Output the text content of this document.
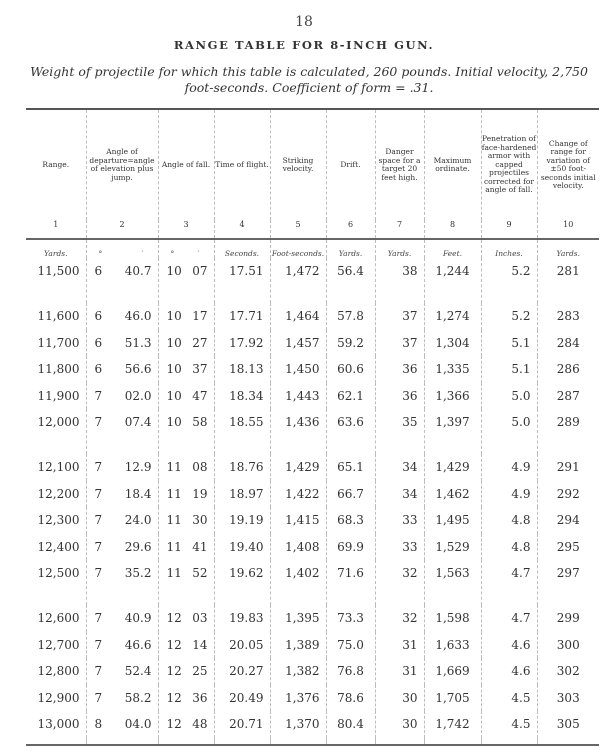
18
RANGE TABLE FOR 8-INCH GUN.
Weight of projectile for which this table is calculated, 260 pounds. Initial velocity, 2,750 foot-seconds. Coefficient of form = .31.
Range.	Angle of departure=angle of elevation plus jump.	Angle of fall.	Time of flight.	Striking velocity.	Drift.	Danger space for a target 20 feet high.	Maximum ordinate.	Penetration of face-hardened armor with capped projectiles corrected for angle of fall.	Change of range for variation of ±50 foot-seconds initial velocity.
1	2	3	4	5	6	7	8	9	10
Yards.	° ′	° ′	Seconds.	Foot-seconds.	Yards.	Yards.	Feet.	Inches.	Yards.
11,500	6 40.7	10 07	17.51	1,472	56.4	38	1,244	5.2	281
11,600	6 46.0	10 17	17.71	1,464	57.8	37	1,274	5.2	283
11,700	6 51.3	10 27	17.92	1,457	59.2	37	1,304	5.1	284
11,800	6 56.6	10 37	18.13	1,450	60.6	36	1,335	5.1	286
11,900	7 02.0	10 47	18.34	1,443	62.1	36	1,366	5.0	287
12,000	7 07.4	10 58	18.55	1,436	63.6	35	1,397	5.0	289
12,100	7 12.9	11 08	18.76	1,429	65.1	34	1,429	4.9	291
12,200	7 18.4	11 19	18.97	1,422	66.7	34	1,462	4.9	292
12,300	7 24.0	11 30	19.19	1,415	68.3	33	1,495	4.8	294
12,400	7 29.6	11 41	19.40	1,408	69.9	33	1,529	4.8	295
12,500	7 35.2	11 52	19.62	1,402	71.6	32	1,563	4.7	297
12,600	7 40.9	12 03	19.83	1,395	73.3	32	1,598	4.7	299
12,700	7 46.6	12 14	20.05	1,389	75.0	31	1,633	4.6	300
12,800	7 52.4	12 25	20.27	1,382	76.8	31	1,669	4.6	302
12,900	7 58.2	12 36	20.49	1,376	78.6	30	1,705	4.5	303
13,000	8 04.0	12 48	20.71	1,370	80.4	30	1,742	4.5	305
